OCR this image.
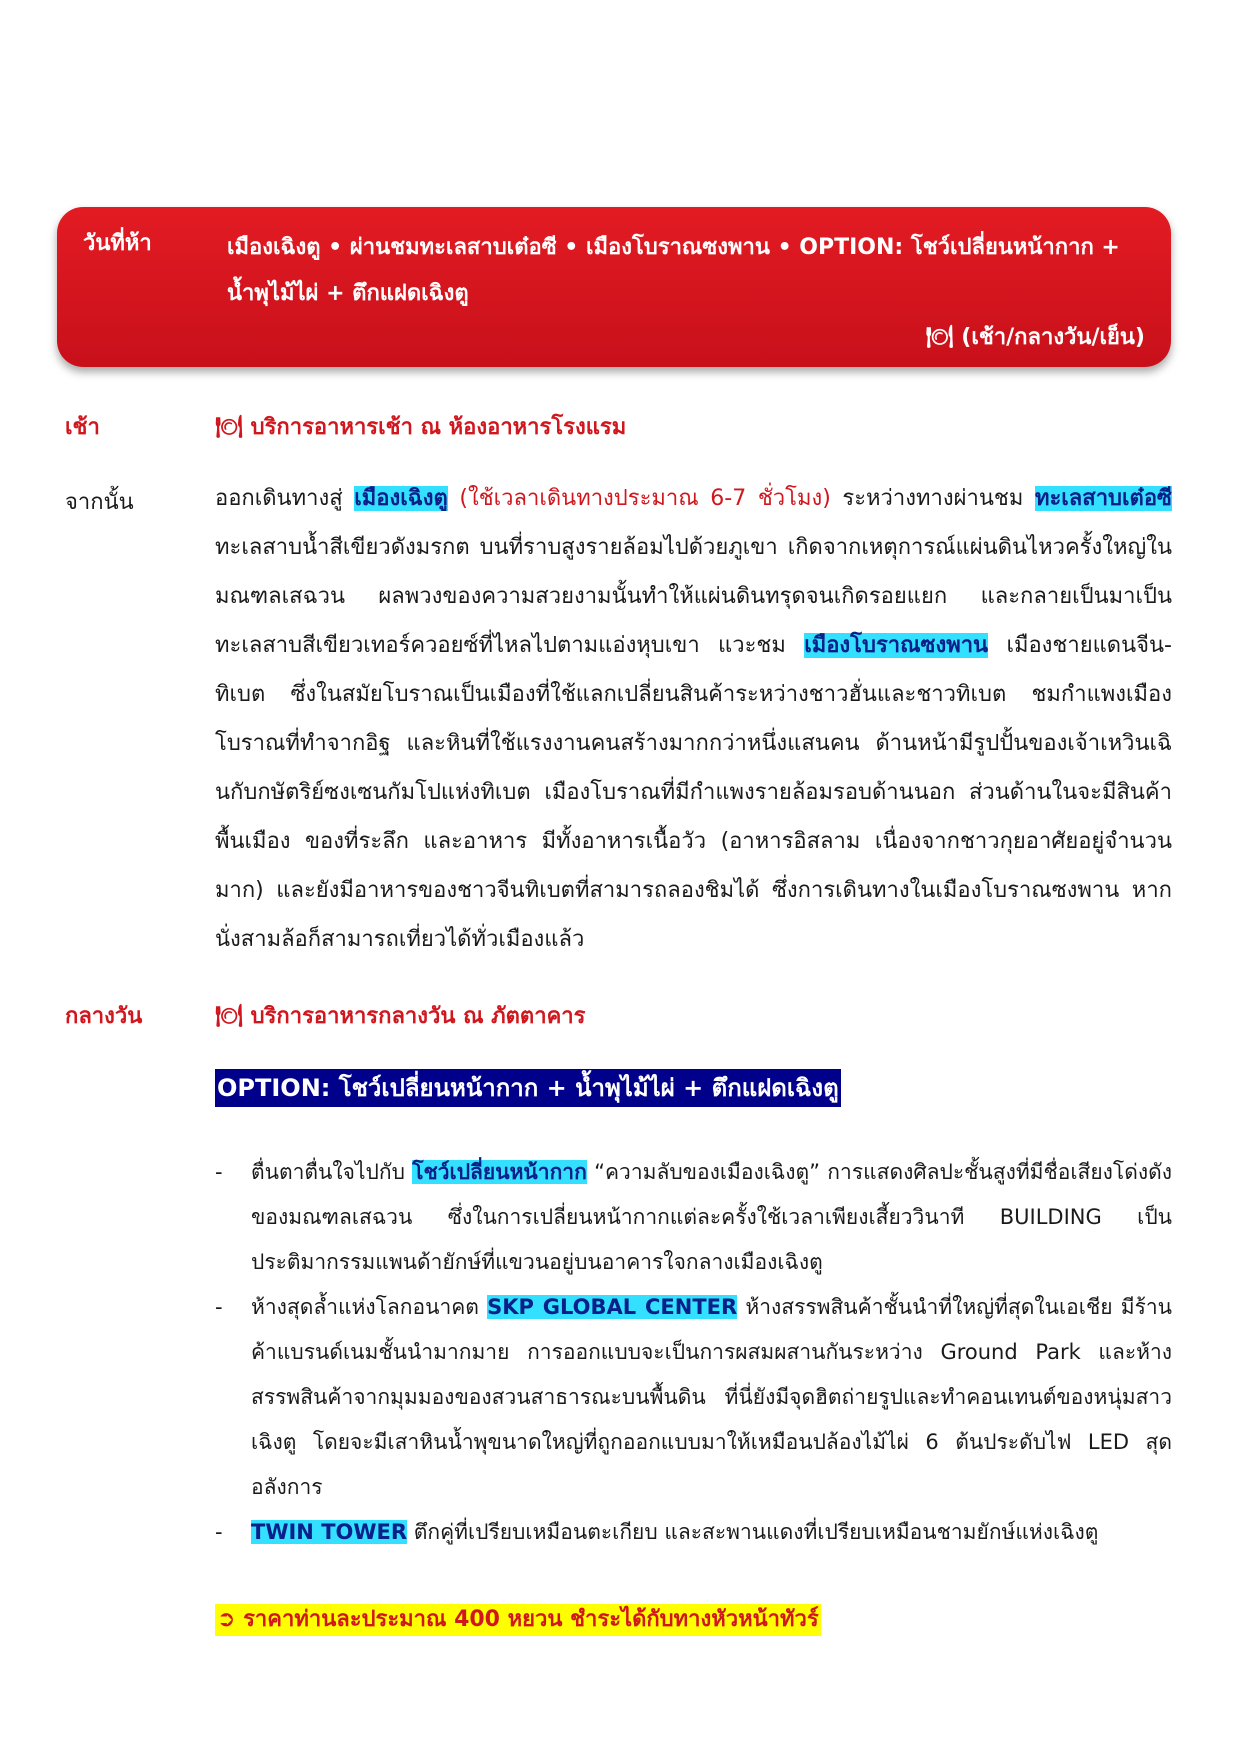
วันที่ห้า	เมืองเฉิงตู • ผ่านชมทะเลสาบเต๋อซี • เมืองโบราณซงพาน • OPTION: โชว์เปลี่ยนหน้ากาก + น้ำพุไม้ไผ่ + ตึกแฝดเฉิงตู
🍽 (เช้า/กลางวัน/เย็น)
เช้า	🍽 บริการอาหารเช้า ณ ห้องอาหารโรงแรม
จากนั้น	ออกเดินทางสู่ เมืองเฉิงตู (ใช้เวลาเดินทางประมาณ 6-7 ชั่วโมง) ระหว่างทางผ่านชม ทะเลสาบเต๋อซี ทะเลสาบน้ำสีเขียวดังมรกต บนที่ราบสูงรายล้อมไปด้วยภูเขา เกิดจากเหตุการณ์แผ่นดินไหวครั้งใหญ่ในมณฑลเสฉวน ผลพวงของความสวยงามนั้นทำให้แผ่นดินทรุดจนเกิดรอยแยก และกลายเป็นมาเป็นทะเลสาบสีเขียวเทอร์ควอยซ์ที่ไหลไปตามแอ่งหุบเขา แวะชม เมืองโบราณซงพาน เมืองชายแดนจีน-ทิเบต ซึ่งในสมัยโบราณเป็นเมืองที่ใช้แลกเปลี่ยนสินค้าระหว่างชาวฮั่นและชาวทิเบต ชมกำแพงเมืองโบราณที่ทำจากอิฐ และหินที่ใช้แรงงานคนสร้างมากกว่าหนึ่งแสนคน ด้านหน้ามีรูปปั้นของเจ้าเหวินเฉินกับกษัตริย์ซงเซนกัมโปแห่งทิเบต เมืองโบราณที่มีกำแพงรายล้อมรอบด้านนอก ส่วนด้านในจะมีสินค้าพื้นเมือง ของที่ระลึก และอาหาร มีทั้งอาหารเนื้อวัว (อาหารอิสลาม เนื่องจากชาวกุยอาศัยอยู่จำนวนมาก) และยังมีอาหารของชาวจีนทิเบตที่สามารถลองชิมได้ ซึ่งการเดินทางในเมืองโบราณซงพาน หากนั่งสามล้อก็สามารถเที่ยวได้ทั่วเมืองแล้ว
กลางวัน	🍽 บริการอาหารกลางวัน ณ ภัตตาคาร
OPTION: โชว์เปลี่ยนหน้ากาก + น้ำพุไม้ไผ่ + ตึกแฝดเฉิงตู
- ตื่นตาตื่นใจไปกับ โชว์เปลี่ยนหน้ากาก “ความลับของเมืองเฉิงตู” การแสดงศิลปะชั้นสูงที่มีชื่อเสียงโด่งดังของมณฑลเสฉวน ซึ่งในการเปลี่ยนหน้ากากแต่ละครั้งใช้เวลาเพียงเสี้ยววินาที BUILDING เป็นประติมากรรมแพนด้ายักษ์ที่แขวนอยู่บนอาคารใจกลางเมืองเฉิงตู
- ห้างสุดล้ำแห่งโลกอนาคต SKP GLOBAL CENTER ห้างสรรพสินค้าชั้นนำที่ใหญ่ที่สุดในเอเชีย มีร้านค้าแบรนด์เนมชั้นนำมากมาย การออกแบบจะเป็นการผสมผสานกันระหว่าง Ground Park และห้างสรรพสินค้าจากมุมมองของสวนสาธารณะบนพื้นดิน ที่นี่ยังมีจุดฮิตถ่ายรูปและทำคอนเทนต์ของหนุ่มสาวเฉิงตู โดยจะมีเสาหินน้ำพุขนาดใหญ่ที่ถูกออกแบบมาให้เหมือนปล้องไม้ไผ่ 6 ต้นประดับไฟ LED สุดอลังการ
- TWIN TOWER ตึกคู่ที่เปรียบเหมือนตะเกียบ และสะพานแดงที่เปรียบเหมือนชามยักษ์แห่งเฉิงตู
➲ ราคาท่านละประมาณ 400 หยวน ชำระได้กับทางหัวหน้าทัวร์
